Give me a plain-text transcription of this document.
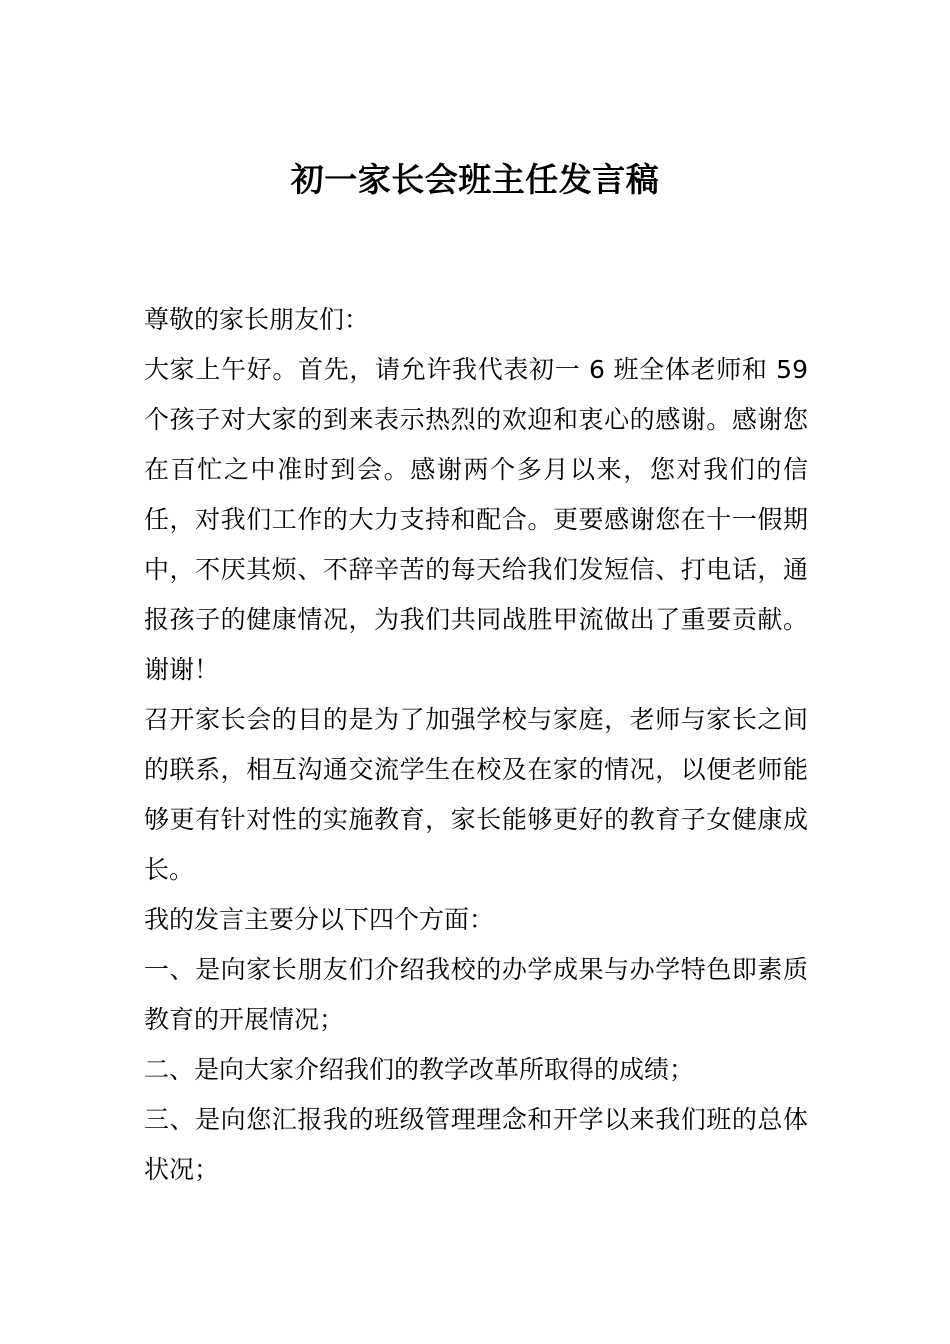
初一家长会班主任发言稿

尊敬的家长朋友们：

大家上午好。首先，请允许我代表初一 6 班全体老师和 59 个孩子对大家的到来表示热烈的欢迎和衷心的感谢。感谢您在百忙之中准时到会。感谢两个多月以来，您对我们的信任，对我们工作的大力支持和配合。更要感谢您在十一假期中，不厌其烦、不辞辛苦的每天给我们发短信、打电话，通报孩子的健康情况，为我们共同战胜甲流做出了重要贡献。谢谢！

召开家长会的目的是为了加强学校与家庭，老师与家长之间的联系，相互沟通交流学生在校及在家的情况，以便老师能够更有针对性的实施教育，家长能够更好的教育子女健康成长。

我的发言主要分以下四个方面：

一、是向家长朋友们介绍我校的办学成果与办学特色即素质教育的开展情况；

二、是向大家介绍我们的教学改革所取得的成绩；

三、是向您汇报我的班级管理理念和开学以来我们班的总体状况；
